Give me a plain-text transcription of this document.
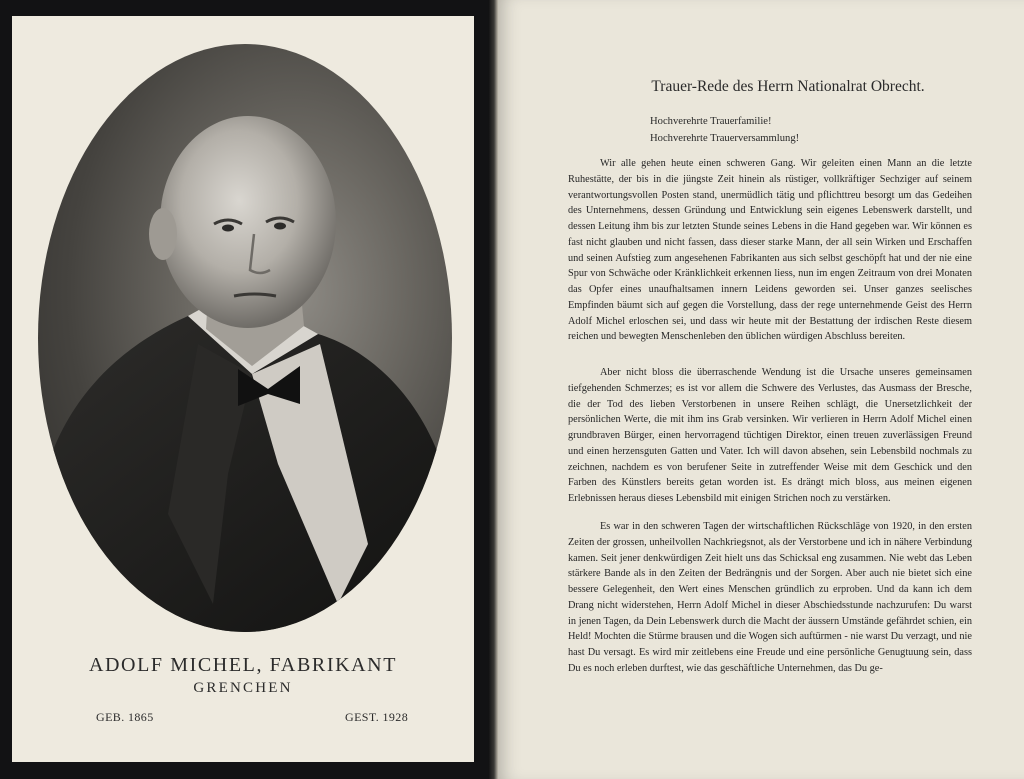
ADOLF MICHEL, FABRIKANT
GRENCHEN
GEB. 1865	GEST. 1928
Trauer-Rede des Herrn Nationalrat Obrecht.
Hochverehrte Trauerfamilie!
Hochverehrte Trauerversammlung!

Wir alle gehen heute einen schweren Gang. Wir geleiten einen Mann an die letzte Ruhestätte, der bis in die jüngste Zeit hinein als rüstiger, vollkräftiger Sechziger auf seinem verantwortungsvollen Posten stand, unermüdlich tätig und pflichttreu besorgt um das Gedeihen des Unternehmens, dessen Gründung und Entwicklung sein eigenes Lebenswerk darstellt, und dessen Leitung ihm bis zur letzten Stunde seines Lebens in die Hand gegeben war. Wir können es fast nicht glauben und nicht fassen, dass dieser starke Mann, der all sein Wirken und Erschaffen und seinen Aufstieg zum angesehenen Fabrikanten aus sich selbst geschöpft hat und der nie eine Spur von Schwäche oder Kränklichkeit erkennen liess, nun im engen Zeitraum von drei Monaten das Opfer eines unaufhaltsamen innern Leidens geworden sei. Unser ganzes seelisches Empfinden bäumt sich auf gegen die Vorstellung, dass der rege unternehmende Geist des Herrn Adolf Michel erloschen sei, und dass wir heute mit der Bestattung der irdischen Reste diesem reichen und bewegten Menschenleben den üblichen würdigen Abschluss bereiten.

Aber nicht bloss die überraschende Wendung ist die Ursache unseres gemeinsamen tiefgehenden Schmerzes; es ist vor allem die Schwere des Verlustes, das Ausmass der Bresche, die der Tod des lieben Verstorbenen in unsere Reihen schlägt, die Unersetzlichkeit der persönlichen Werte, die mit ihm ins Grab versinken. Wir verlieren in Herrn Adolf Michel einen grundbraven Bürger, einen hervorragend tüchtigen Direktor, einen treuen zuverlässigen Freund und einen herzensguten Gatten und Vater. Ich will davon absehen, sein Lebensbild nochmals zu zeichnen, nachdem es von berufener Seite in zutreffender Weise mit dem Geschick und den Farben des Künstlers bereits getan worden ist. Es drängt mich bloss, aus meinen eigenen Erlebnissen heraus dieses Lebensbild mit einigen Strichen noch zu verstärken.

Es war in den schweren Tagen der wirtschaftlichen Rückschläge von 1920, in den ersten Zeiten der grossen, unheilvollen Nachkriegsnot, als der Verstorbene und ich in nähere Verbindung kamen. Seit jener denkwürdigen Zeit hielt uns das Schicksal eng zusammen. Nie webt das Leben stärkere Bande als in den Zeiten der Bedrängnis und der Sorgen. Aber auch nie bietet sich eine bessere Gelegenheit, den Wert eines Menschen gründlich zu erproben. Und da kann ich dem Drang nicht widerstehen, Herrn Adolf Michel in dieser Abschiedsstunde nachzurufen: Du warst in jenen Tagen, da Dein Lebenswerk durch die Macht der äussern Umstände gefährdet schien, ein Held! Mochten die Stürme brausen und die Wogen sich auftürmen - nie warst Du verzagt, und nie hast Du versagt. Es wird mir zeitlebens eine Freude und eine persönliche Genugtuung sein, dass Du es noch erleben durftest, wie das geschäftliche Unternehmen, das Du ge-
